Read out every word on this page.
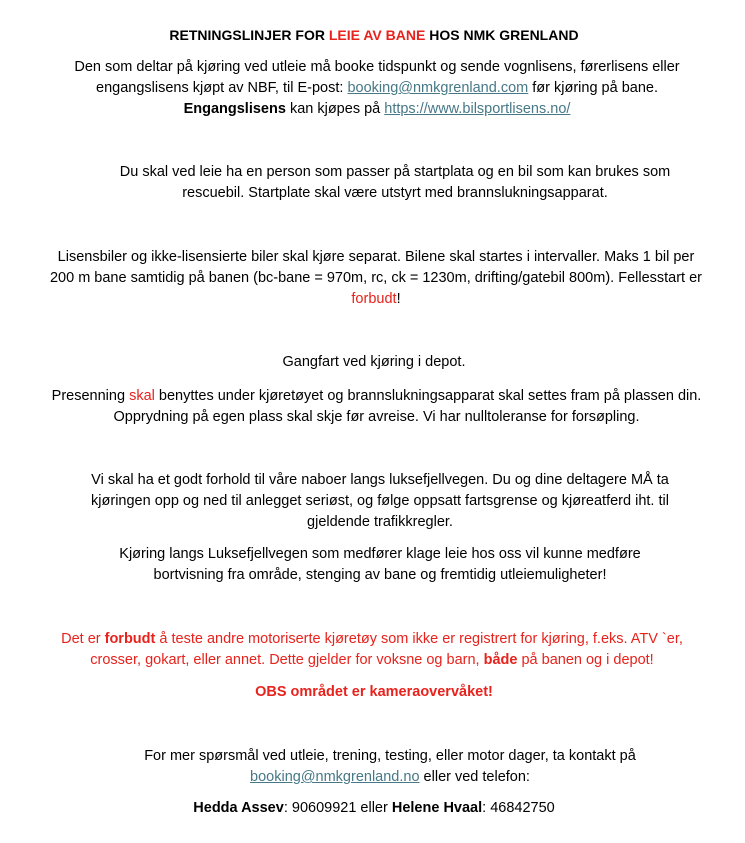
RETNINGSLINJER FOR LEIE AV BANE HOS NMK GRENLAND

Den som deltar på kjøring ved utleie må booke tidspunkt og sende vognlisens, førerlisens eller engangslisens kjøpt av NBF, til E-post: booking@nmkgrenland.com før kjøring på bane.
Engangslisens kan kjøpes på https://www.bilsportlisens.no/

Du skal ved leie ha en person som passer på startplata og en bil som kan brukes som rescuebil. Startplate skal være utstyrt med brannslukningsapparat.

Lisensbiler og ikke-lisensierte biler skal kjøre separat. Bilene skal startes i intervaller. Maks 1 bil per 200 m bane samtidig på banen (bc-bane = 970m, rc, ck = 1230m, drifting/gatebil 800m). Fellesstart er forbudt!

Gangfart ved kjøring i depot.

Presenning skal benyttes under kjøretøyet og brannslukningsapparat skal settes fram på plassen din. Opprydning på egen plass skal skje før avreise. Vi har nulltoleranse for forsøpling.

Vi skal ha et godt forhold til våre naboer langs luksefjellvegen. Du og dine deltagere MÅ ta kjøringen opp og ned til anlegget seriøst, og følge oppsatt fartsgrense og kjøreatferd iht. til gjeldende trafikkregler.

Kjøring langs Luksefjellvegen som medfører klage leie hos oss vil kunne medføre bortvisning fra område, stenging av bane og fremtidig utleiemuligheter!

Det er forbudt å teste andre motoriserte kjøretøy som ikke er registrert for kjøring, f.eks. ATV `er, crosser, gokart, eller annet. Dette gjelder for voksne og barn, både på banen og i depot!

OBS området er kameraovervåket!

For mer spørsmål ved utleie, trening, testing, eller motor dager, ta kontakt på booking@nmkgrenland.no eller ved telefon:

Hedda Assev: 90609921 eller Helene Hvaal: 46842750
